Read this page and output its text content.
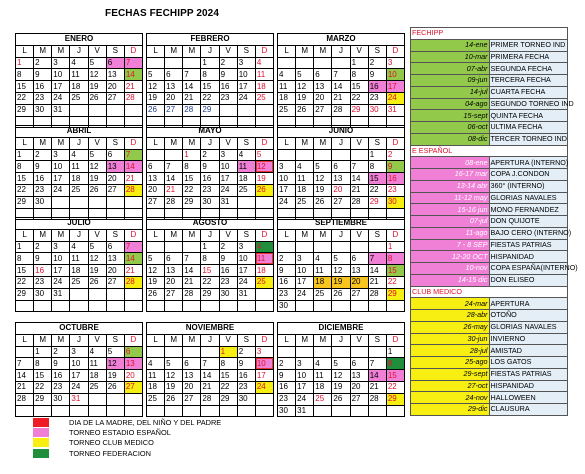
FECHAS FECHIPP 2024
ENERO						
L	M	M	J	V	S	D
1	2	3	4	5	6	7
8	9	10	11	12	13	14
15	16	17	18	19	20	21
22	23	24	25	26	27	28
29	30	31				

FEBRERO						
L	M	M	J	V	S	D
			1	2	3	4
5	6	7	8	9	10	11
12	13	14	15	16	17	18
19	20	21	22	23	24	25
26	27	28	29			

MARZO						
L	M	M	J	V	S	D
				1	2	3
4	5	6	7	8	9	10
11	12	13	14	15	16	17
18	19	20	21	22	23	24
25	26	27	28	29	30	31

ABRIL						
L	M	M	J	V	S	D
1	2	3	4	5	6	7
8	9	10	11	12	13	14
15	16	17	18	19	20	21
22	23	24	25	26	27	28
29	30					

MAYO						
L	M	M	J	V	S	D
		1	2	3	4	5
6	7	8	9	10	11	12
13	14	15	16	17	18	19
20	21	22	23	24	25	26
27	28	29	30	31		

JUNIO						
L	M	M	J	V	S	D
					1	2
3	4	5	6	7	8	9
10	11	12	13	14	15	16
17	18	19	20	21	22	23
24	25	26	27	28	29	30

JULIO						
L	M	M	J	V	S	D
1	2	3	4	5	6	7
8	9	10	11	12	13	14
15	16	17	18	19	20	21
22	23	24	25	26	27	28
29	30	31				

AGOSTO						
L	M	M	J	V	S	D
			1	2	3	4
5	6	7	8	9	10	11
12	13	14	15	16	17	18
19	20	21	22	23	24	25
26	27	28	29	30	31	

SEPTIEMBRE						
L	M	M	J	V	S	D
						1
2	3	4	5	6	7	8
9	10	11	12	13	14	15
16	17	18	19	20	21	22
23	24	25	26	27	28	29
30						
OCTUBRE						
L	M	M	J	V	S	D
	1	2	3	4	5	6
7	8	9	10	11	12	13
14	15	16	17	18	19	20
21	22	23	24	25	26	27
28	29	30	31			

NOVIEMBRE						
L	M	M	J	V	S	D
				1	2	3
4	5	6	7	8	9	10
11	12	13	14	15	16	17
18	19	20	21	22	23	24
25	26	27	28	29	30	

DICIEMBRE						
L	M	M	J	V	S	D
						1
2	3	4	5	6	7	8
9	10	11	12	13	14	15
16	17	18	19	20	21	22
23	24	25	26	27	28	29
30	31					
FECHIPP	
14-ene	PRIMER TORNEO IND
10-mar	PRIMERA FECHA
07-abr	SEGUNDA FECHA
09-jun	TERCERA FECHA
14-jul	CUARTA FECHA
04-ago	SEGUNDO TORNEO IND
15-sept	QUINTA FECHA
06-oct	ULTIMA FECHA
08-dic	TERCER TORNEO IND
E ESPAÑOL	
08-ene	APERTURA (INTERNO)
16-17 mar	COPA J.CONDON
13-14 abr	360° (INTERNO)
11-12 may	GLORIAS NAVALES
15-16 jun	MONO FERNANDEZ
07-jul	DON QUIJOTE
11-ago	BAJO CERO (INTERNO)
7 - 8 SEP	FIESTAS PATRIAS
12-20 OCT	HISPANIDAD
10-nov	COPA ESPAÑA(INTERNO)
14-15 dic	DON ELISEO
CLUB MEDICO	
24-mar	APERTURA
28-abr	OTOÑO
26-may	GLORIAS NAVALES
30-jun	INVIERNO
28-jul	AMISTAD
25-ago	LOS GATOS
29-sept	FIESTAS PATRIAS
27-oct	HISPANIDAD
24-nov	HALLOWEEN
29-dic	CLAUSURA
DIA DE LA MADRE, DEL NIÑO Y DEL PADRE
TORNEO ESTADIO ESPAÑOL
TORNEO CLUB MEDICO
TORNEO FEDERACION
